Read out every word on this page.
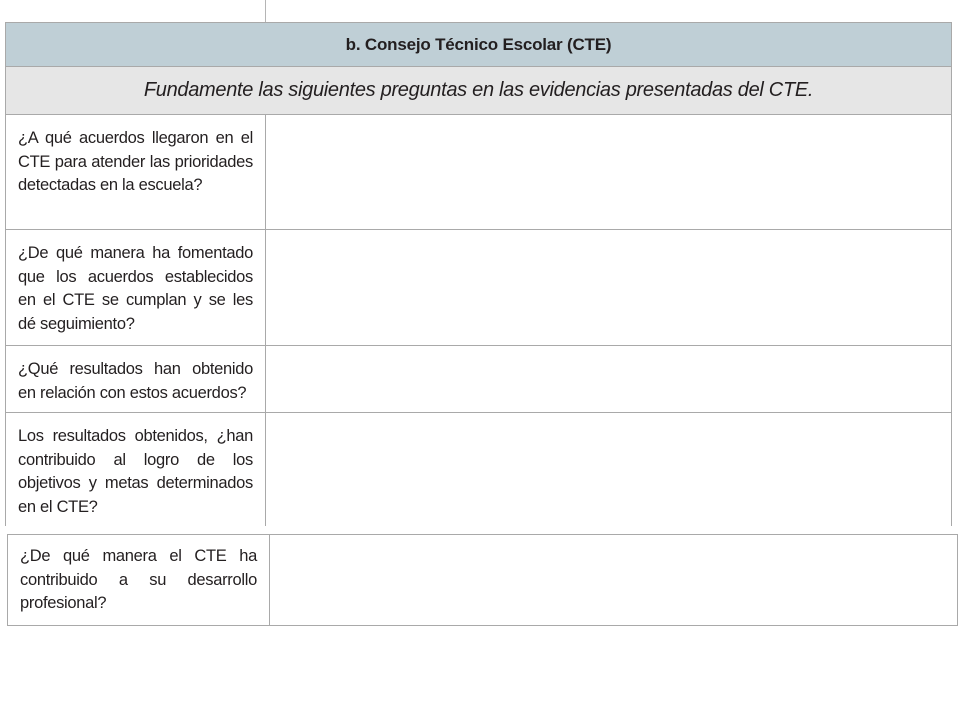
b. Consejo Técnico Escolar (CTE)
Fundamente las siguientes preguntas en las evidencias presentadas del CTE.
¿A qué acuerdos llegaron en el CTE para atender las prioridades detectadas en la escuela?
¿De qué manera ha fomentado que los acuerdos establecidos en el CTE se cumplan y se les dé seguimiento?
¿Qué resultados han obtenido en relación con estos acuerdos?
Los resultados obtenidos, ¿han contribuido al logro de los objetivos y metas determinados en el CTE?
¿De qué manera el CTE ha contribuido a su desarrollo profesional?
